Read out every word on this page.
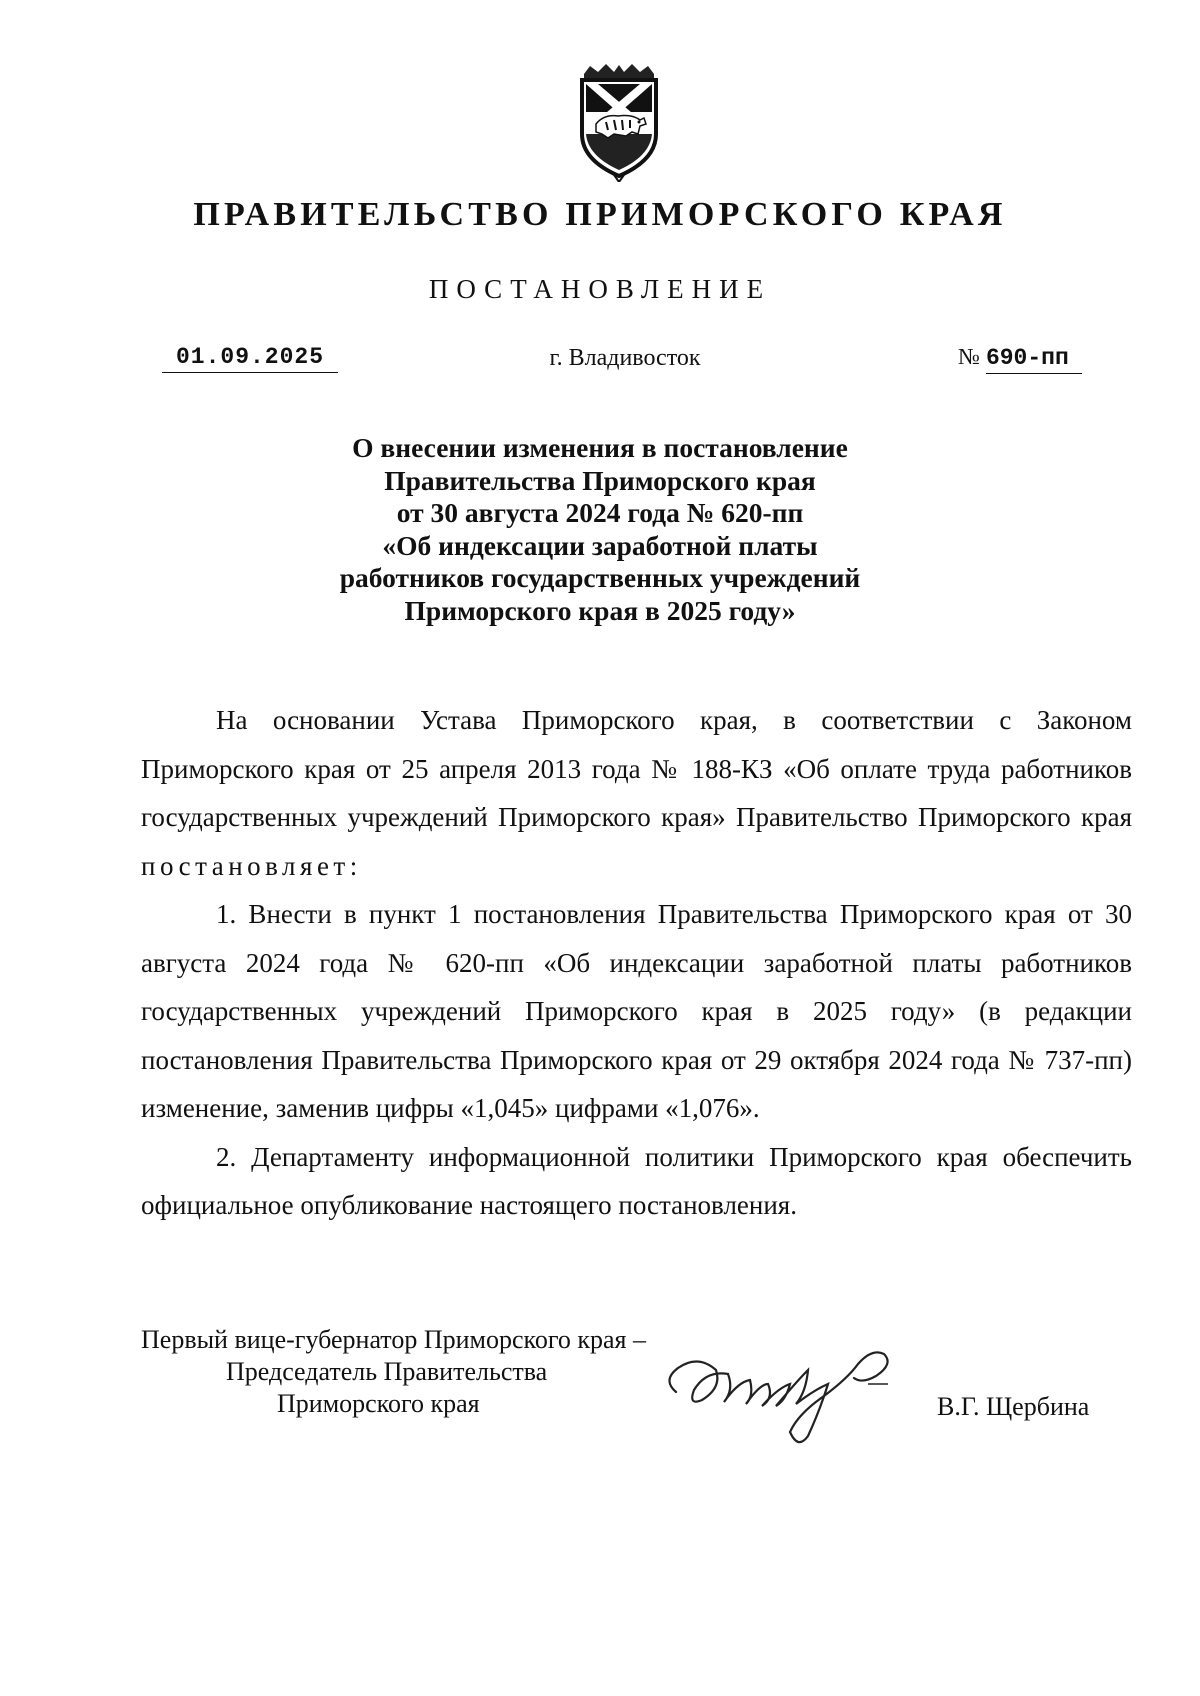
ПРАВИТЕЛЬСТВО ПРИМОРСКОГО КРАЯ
ПОСТАНОВЛЕНИЕ
01.09.2025	г. Владивосток	№ 690-пп
О внесении изменения в постановление
Правительства Приморского края
от 30 августа 2024 года № 620-пп
«Об индексации заработной платы
работников государственных учреждений
Приморского края в 2025 году»

На основании Устава Приморского края, в соответствии с Законом Приморского края от 25 апреля 2013 года № 188-КЗ «Об оплате труда работников государственных учреждений Приморского края» Правительство Приморского края постановляет:

1. Внести в пункт 1 постановления Правительства Приморского края от 30 августа 2024 года № 620-пп «Об индексации заработной платы работников государственных учреждений Приморского края в 2025 году» (в редакции постановления Правительства Приморского края от 29 октября 2024 года № 737-пп) изменение, заменив цифры «1,045» цифрами «1,076».

2. Департаменту информационной политики Приморского края обеспечить официальное опубликование настоящего постановления.

Первый вице-губернатор Приморского края –
Председатель Правительства
Приморского края	В.Г. Щербина
